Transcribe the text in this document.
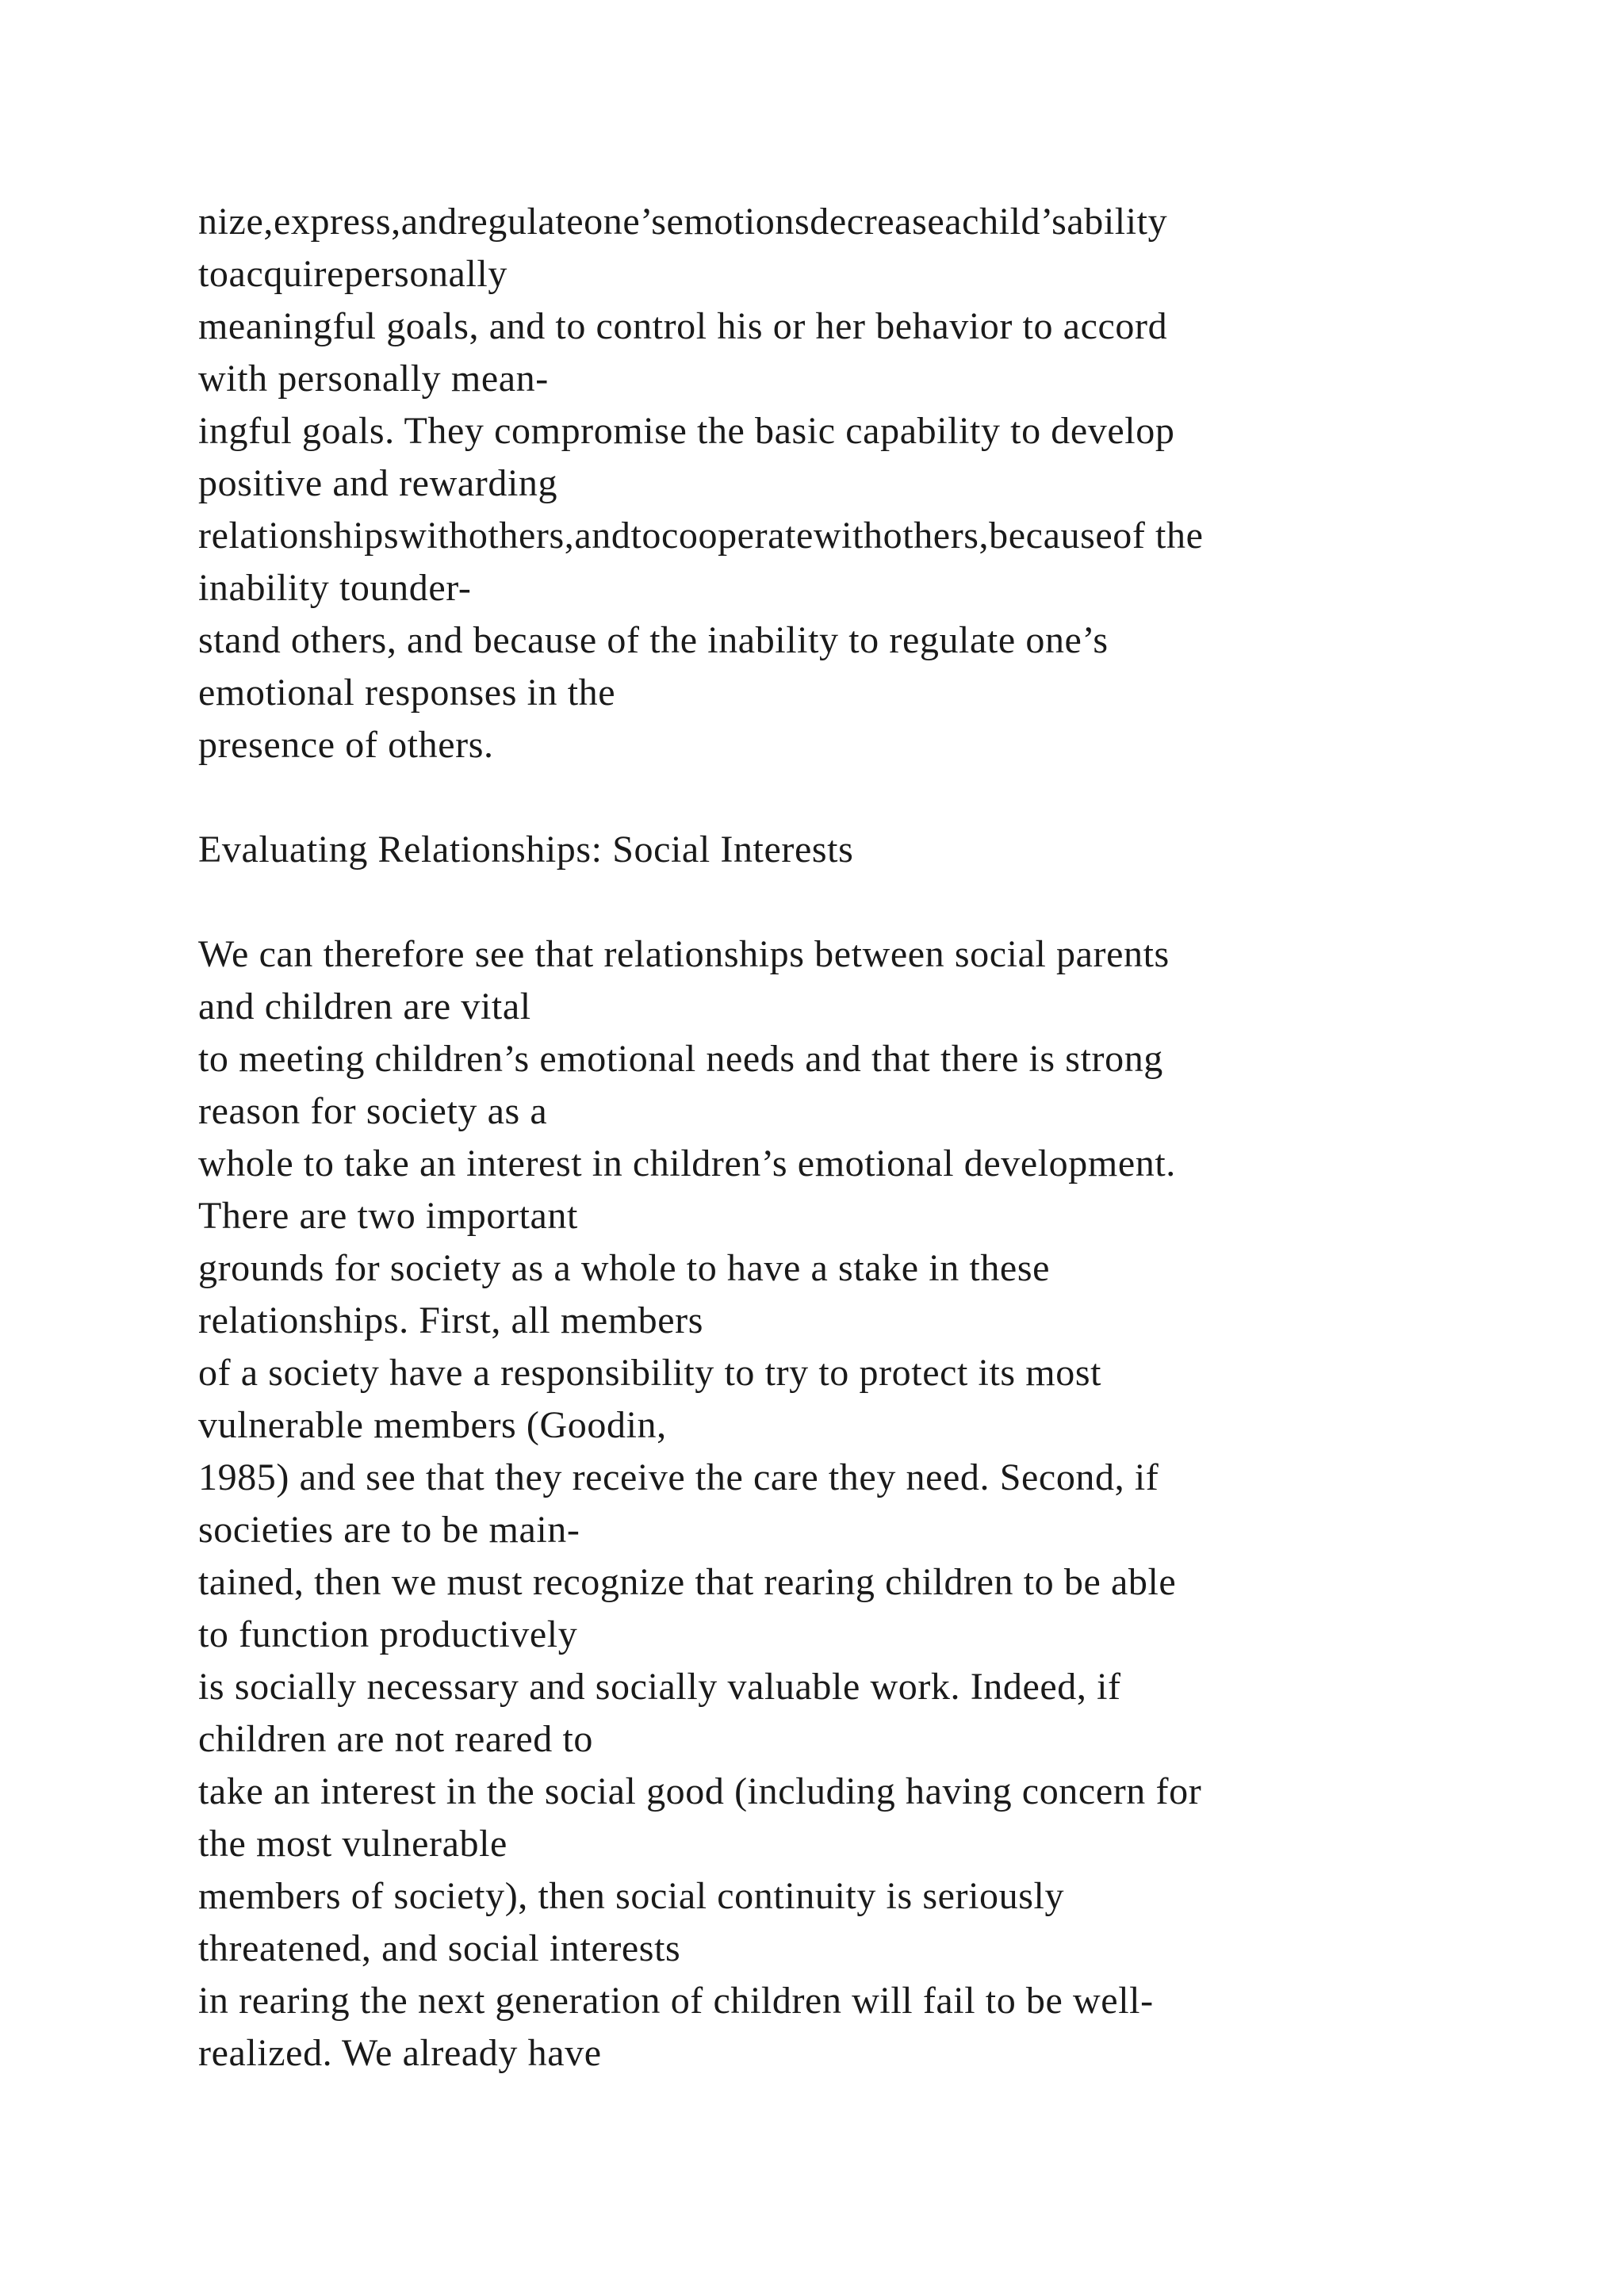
nize,express,andregulateone’semotionsdecreaseachild’sability
toacquirepersonally
meaningful goals, and to control his or her behavior to accord
with personally mean-
ingful goals. They compromise the basic capability to develop
positive and rewarding
relationshipswithothers,andtocooperatewithothers,becauseof the
inability tounder-
stand others, and because of the inability to regulate one’s
emotional responses in the
presence of others.
Evaluating Relationships: Social Interests
We can therefore see that relationships between social parents
and children are vital
to meeting children’s emotional needs and that there is strong
reason for society as a
whole to take an interest in children’s emotional development.
There are two important
grounds for society as a whole to have a stake in these
relationships. First, all members
of a society have a responsibility to try to protect its most
vulnerable members (Goodin,
1985) and see that they receive the care they need. Second, if
societies are to be main-
tained, then we must recognize that rearing children to be able
to function productively
is socially necessary and socially valuable work. Indeed, if
children are not reared to
take an interest in the social good (including having concern for
the most vulnerable
members of society), then social continuity is seriously
threatened, and social interests
in rearing the next generation of children will fail to be well-
realized. We already have
